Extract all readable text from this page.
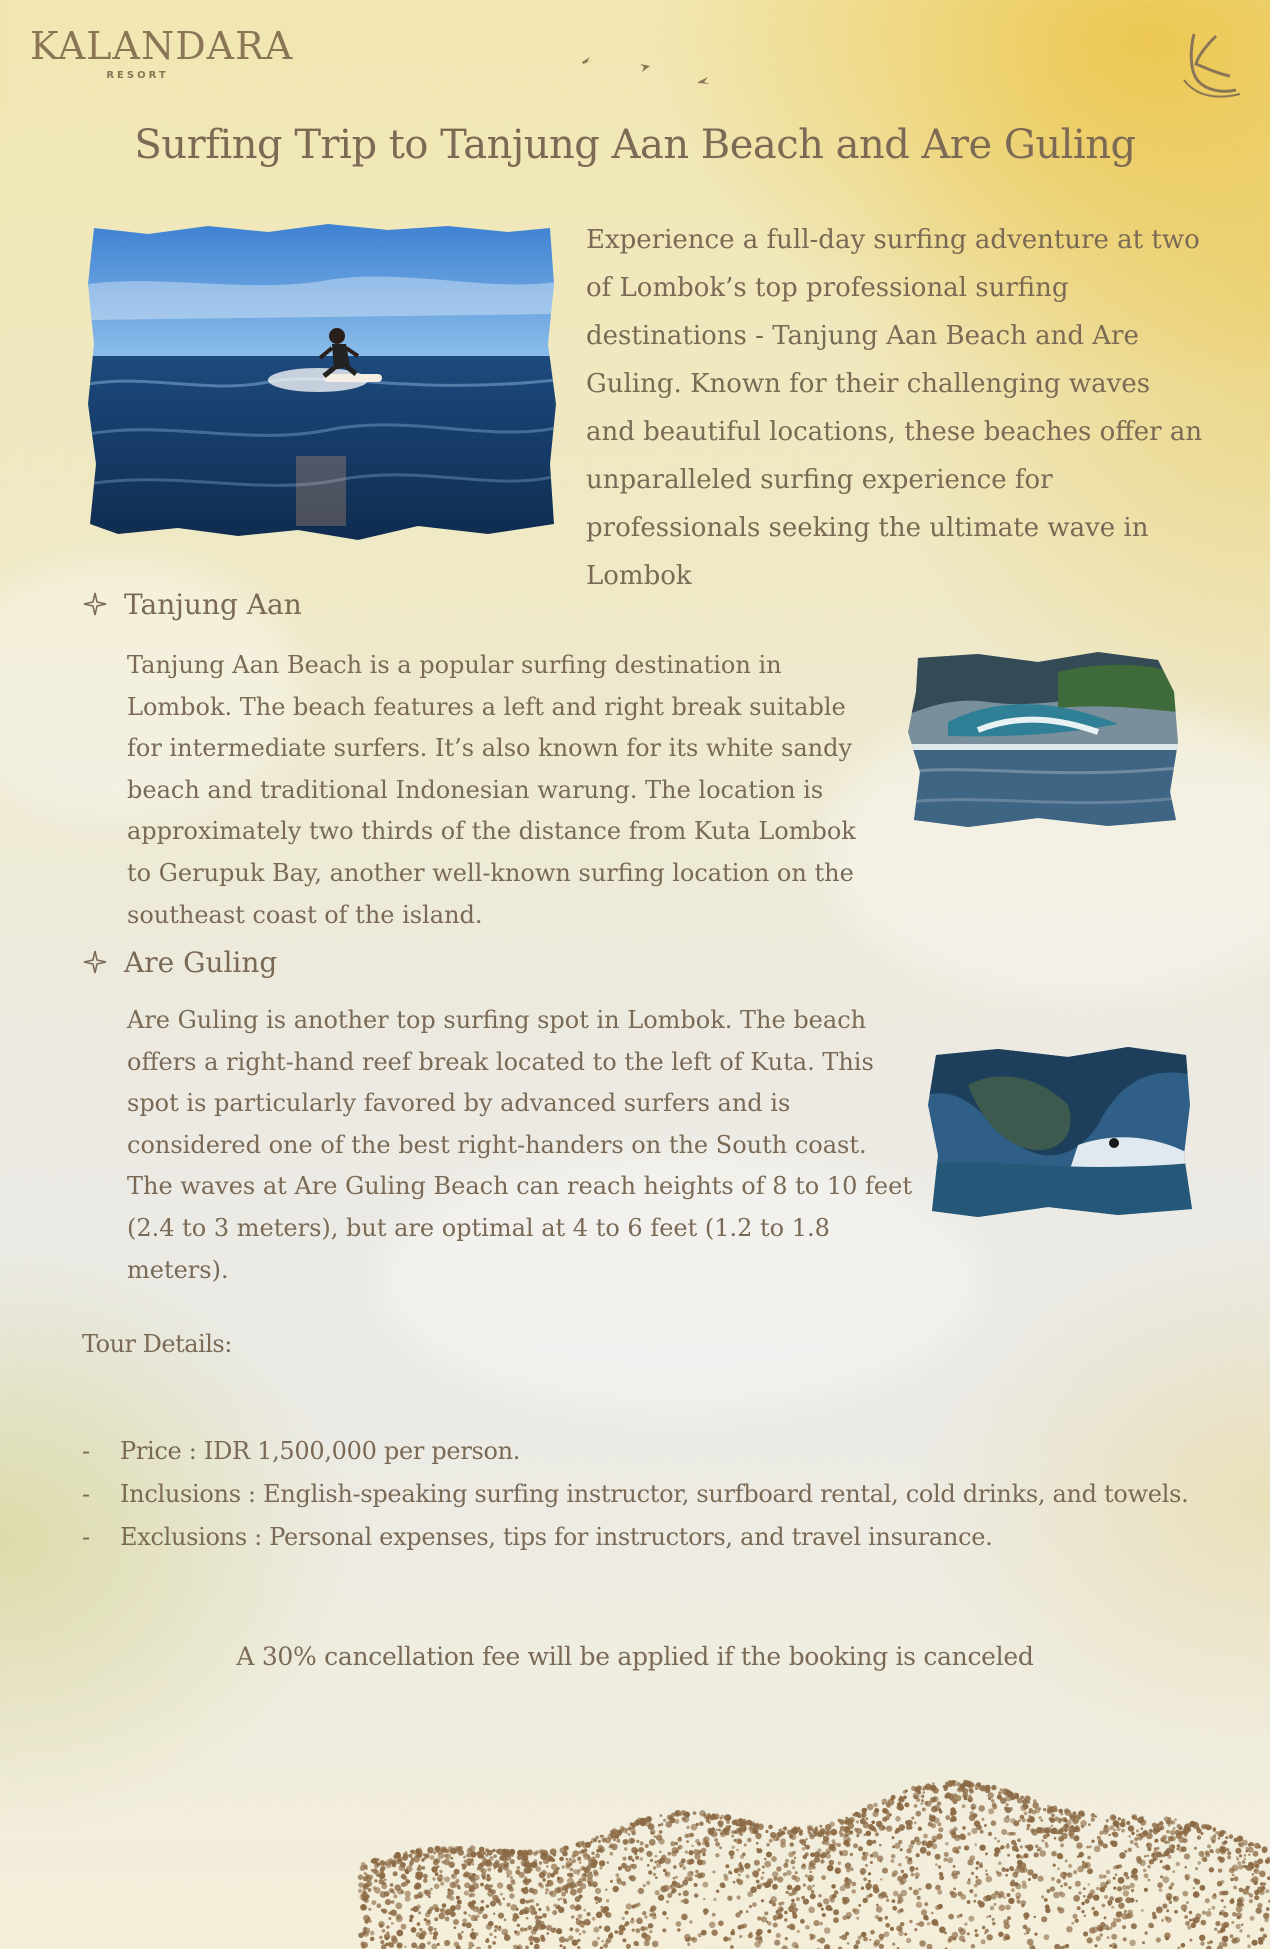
KALANDARA
RESORT
Surfing Trip to Tanjung Aan Beach and Are Guling
Experience a full-day surfing adventure at two of Lombok’s top professional surfing destinations - Tanjung Aan Beach and Are Guling. Known for their challenging waves and beautiful locations, these beaches offer an unparalleled surfing experience for professionals seeking the ultimate wave in Lombok
Tanjung Aan
Tanjung Aan Beach is a popular surfing destination in Lombok. The beach features a left and right break suitable for intermediate surfers. It’s also known for its white sandy beach and traditional Indonesian warung. The location is approximately two thirds of the distance from Kuta Lombok to Gerupuk Bay, another well-known surfing location on the southeast coast of the island.
Are Guling
Are Guling is another top surfing spot in Lombok. The beach offers a right-hand reef break located to the left of Kuta. This spot is particularly favored by advanced surfers and is considered one of the best right-handers on the South coast. The waves at Are Guling Beach can reach heights of 8 to 10 feet (2.4 to 3 meters), but are optimal at 4 to 6 feet (1.2 to 1.8 meters).
Tour Details:
-	Price : IDR 1,500,000 per person.
-	Inclusions : English-speaking surfing instructor, surfboard rental, cold drinks, and towels.
-	Exclusions : Personal expenses, tips for instructors, and travel insurance.
A 30% cancellation fee will be applied if the booking is canceled
